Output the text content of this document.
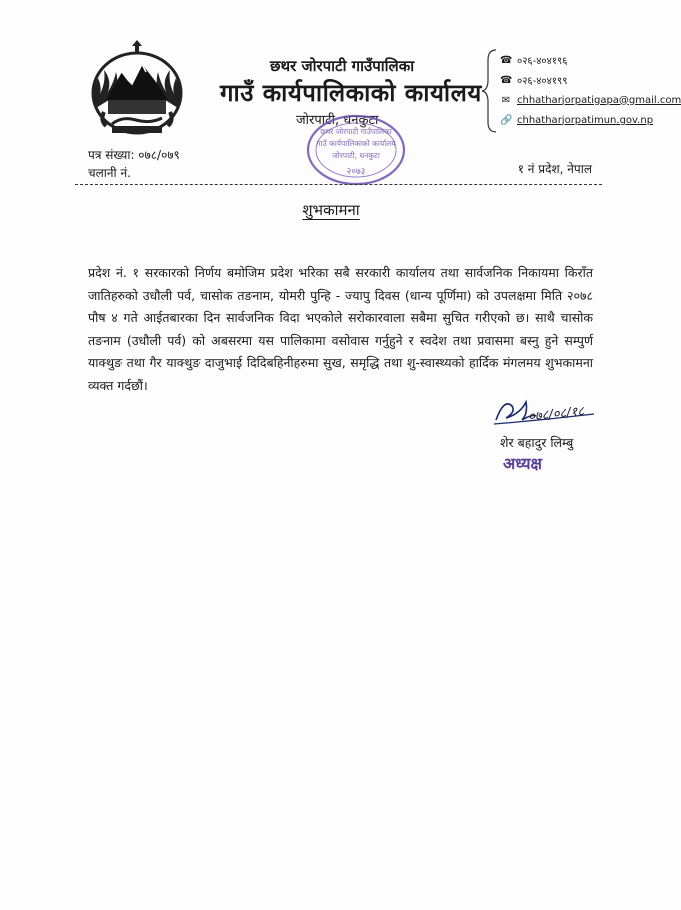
छथर जोरपाटी गाउँपालिका
गाउँ कार्यपालिकाको कार्यालय
जोरपाटी, धनकुटा
☎ ०२६-४०४१९६
☎ ०२६-४०४१९९
✉ chhatharjorpatigapa@gmail.com
🔗 chhatharjorpatimun.gov.np
छथर जोरपाटी गाउँपालिका
गाउँ कार्यपालिकाको कार्यालय
जोरपाटी, धनकुटा
२०७३
पत्र संख्या: ०७८/०७९
चलानी नं.	१ नं प्रदेश, नेपाल
शुभकामना
प्रदेश नं. १ सरकारको निर्णय बमोजिम प्रदेश भरिका सबै सरकारी कार्यालय तथा सार्वजनिक निकायमा किराँत जातिहरुको उधौली पर्व, चासोक तङनाम, योमरी पुन्हि - ज्यापु दिवस (धान्य पूर्णिमा) को उपलक्षमा मिति २०७८ पौष ४ गते आईतबारका दिन सार्वजनिक विदा भएकोले सरोकारवाला सबैमा सुचित गरीएको छ। साथै चासोक तङनाम (उधौली पर्व) को अबसरमा यस पालिकामा वसोवास गर्नुहुने र स्वदेश तथा प्रवासमा बस्नु हुने सम्पुर्ण याक्थुङ तथा गैर याक्थुङ दाजुभाई दिदिबहिनीहरुमा सुख, समृद्धि तथा शु-स्वास्थ्यको हार्दिक मंगलमय शुभकामना व्यक्त गर्दछौं।
०७८/०८/१८
शेर बहादुर लिम्बु
अध्यक्ष
